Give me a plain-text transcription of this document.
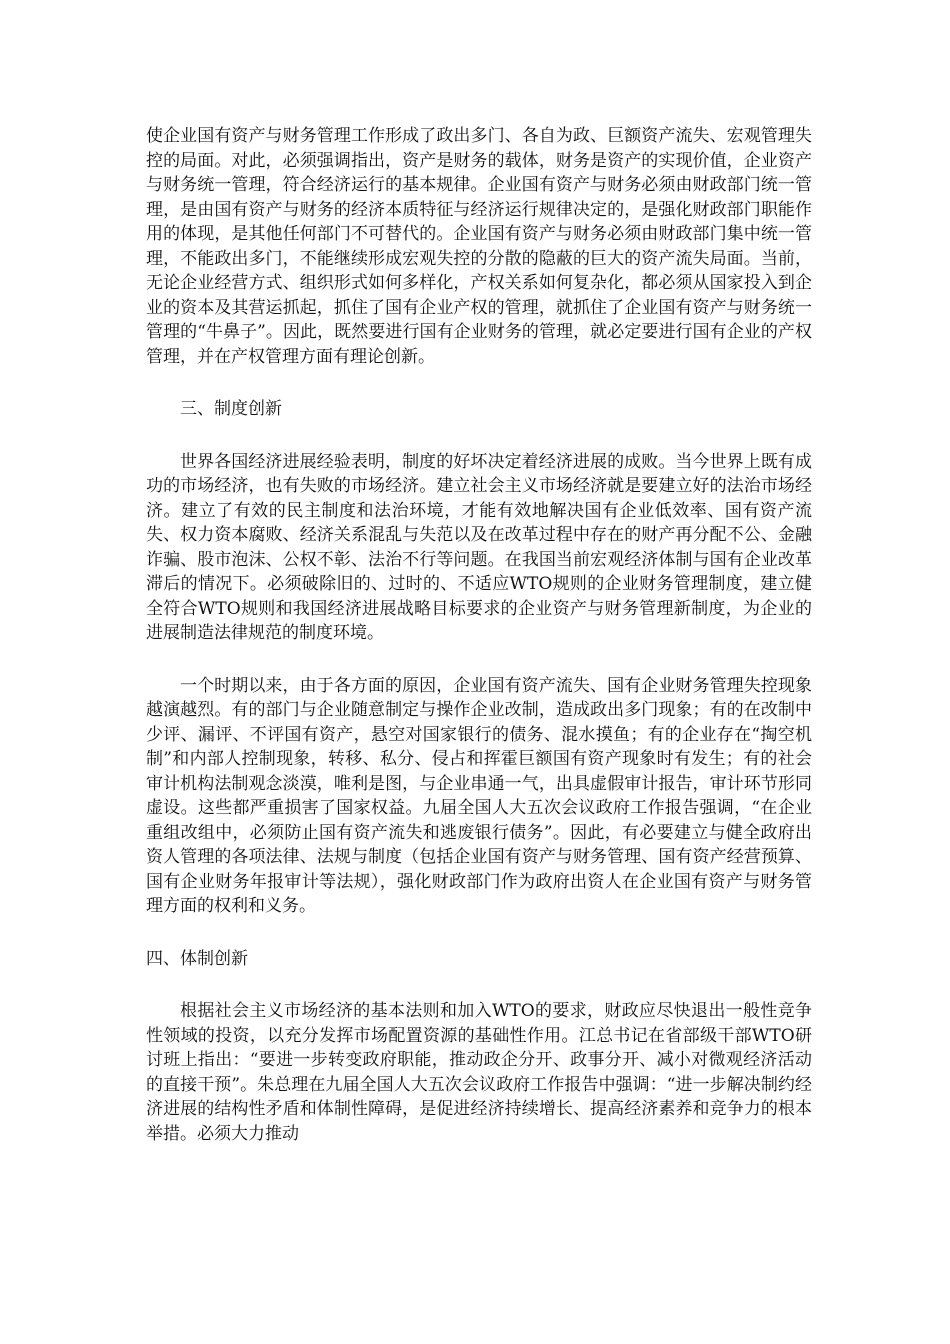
使企业国有资产与财务管理工作形成了政出多门、各自为政、巨额资产流失、宏观管理失控的局面。对此，必须强调指出，资产是财务的载体，财务是资产的实现价值，企业资产与财务统一管理，符合经济运行的基本规律。企业国有资产与财务必须由财政部门统一管理，是由国有资产与财务的经济本质特征与经济运行规律决定的，是强化财政部门职能作用的体现，是其他任何部门不可替代的。企业国有资产与财务必须由财政部门集中统一管理，不能政出多门，不能继续形成宏观失控的分散的隐蔽的巨大的资产流失局面。当前，无论企业经营方式、组织形式如何多样化，产权关系如何复杂化，都必须从国家投入到企业的资本及其营运抓起，抓住了国有企业产权的管理，就抓住了企业国有资产与财务统一管理的“牛鼻子”。因此，既然要进行国有企业财务的管理，就必定要进行国有企业的产权管理，并在产权管理方面有理论创新。

三、制度创新

世界各国经济进展经验表明，制度的好坏决定着经济进展的成败。当今世界上既有成功的市场经济，也有失败的市场经济。建立社会主义市场经济就是要建立好的法治市场经济。建立了有效的民主制度和法治环境，才能有效地解决国有企业低效率、国有资产流失、权力资本腐败、经济关系混乱与失范以及在改革过程中存在的财产再分配不公、金融诈骗、股市泡沫、公权不彰、法治不行等问题。在我国当前宏观经济体制与国有企业改革滞后的情况下。必须破除旧的、过时的、不适应WTO规则的企业财务管理制度，建立健全符合WTO规则和我国经济进展战略目标要求的企业资产与财务管理新制度，为企业的进展制造法律规范的制度环境。

一个时期以来，由于各方面的原因，企业国有资产流失、国有企业财务管理失控现象越演越烈。有的部门与企业随意制定与操作企业改制，造成政出多门现象；有的在改制中少评、漏评、不评国有资产，悬空对国家银行的债务、混水摸鱼；有的企业存在“掏空机制”和内部人控制现象，转移、私分、侵占和挥霍巨额国有资产现象时有发生；有的社会审计机构法制观念淡漠，唯利是图，与企业串通一气，出具虚假审计报告，审计环节形同虚设。这些都严重损害了国家权益。九届全国人大五次会议政府工作报告强调，“在企业重组改组中，必须防止国有资产流失和逃废银行债务”。因此，有必要建立与健全政府出资人管理的各项法律、法规与制度（包括企业国有资产与财务管理、国有资产经营预算、国有企业财务年报审计等法规），强化财政部门作为政府出资人在企业国有资产与财务管理方面的权利和义务。

四、体制创新

根据社会主义市场经济的基本法则和加入WTO的要求，财政应尽快退出一般性竞争性领域的投资，以充分发挥市场配置资源的基础性作用。江总书记在省部级干部WTO研讨班上指出：“要进一步转变政府职能，推动政企分开、政事分开、减小对微观经济活动的直接干预”。朱总理在九届全国人大五次会议政府工作报告中强调：“进一步解决制约经济进展的结构性矛盾和体制性障碍，是促进经济持续增长、提高经济素养和竞争力的根本举措。必须大力推动
